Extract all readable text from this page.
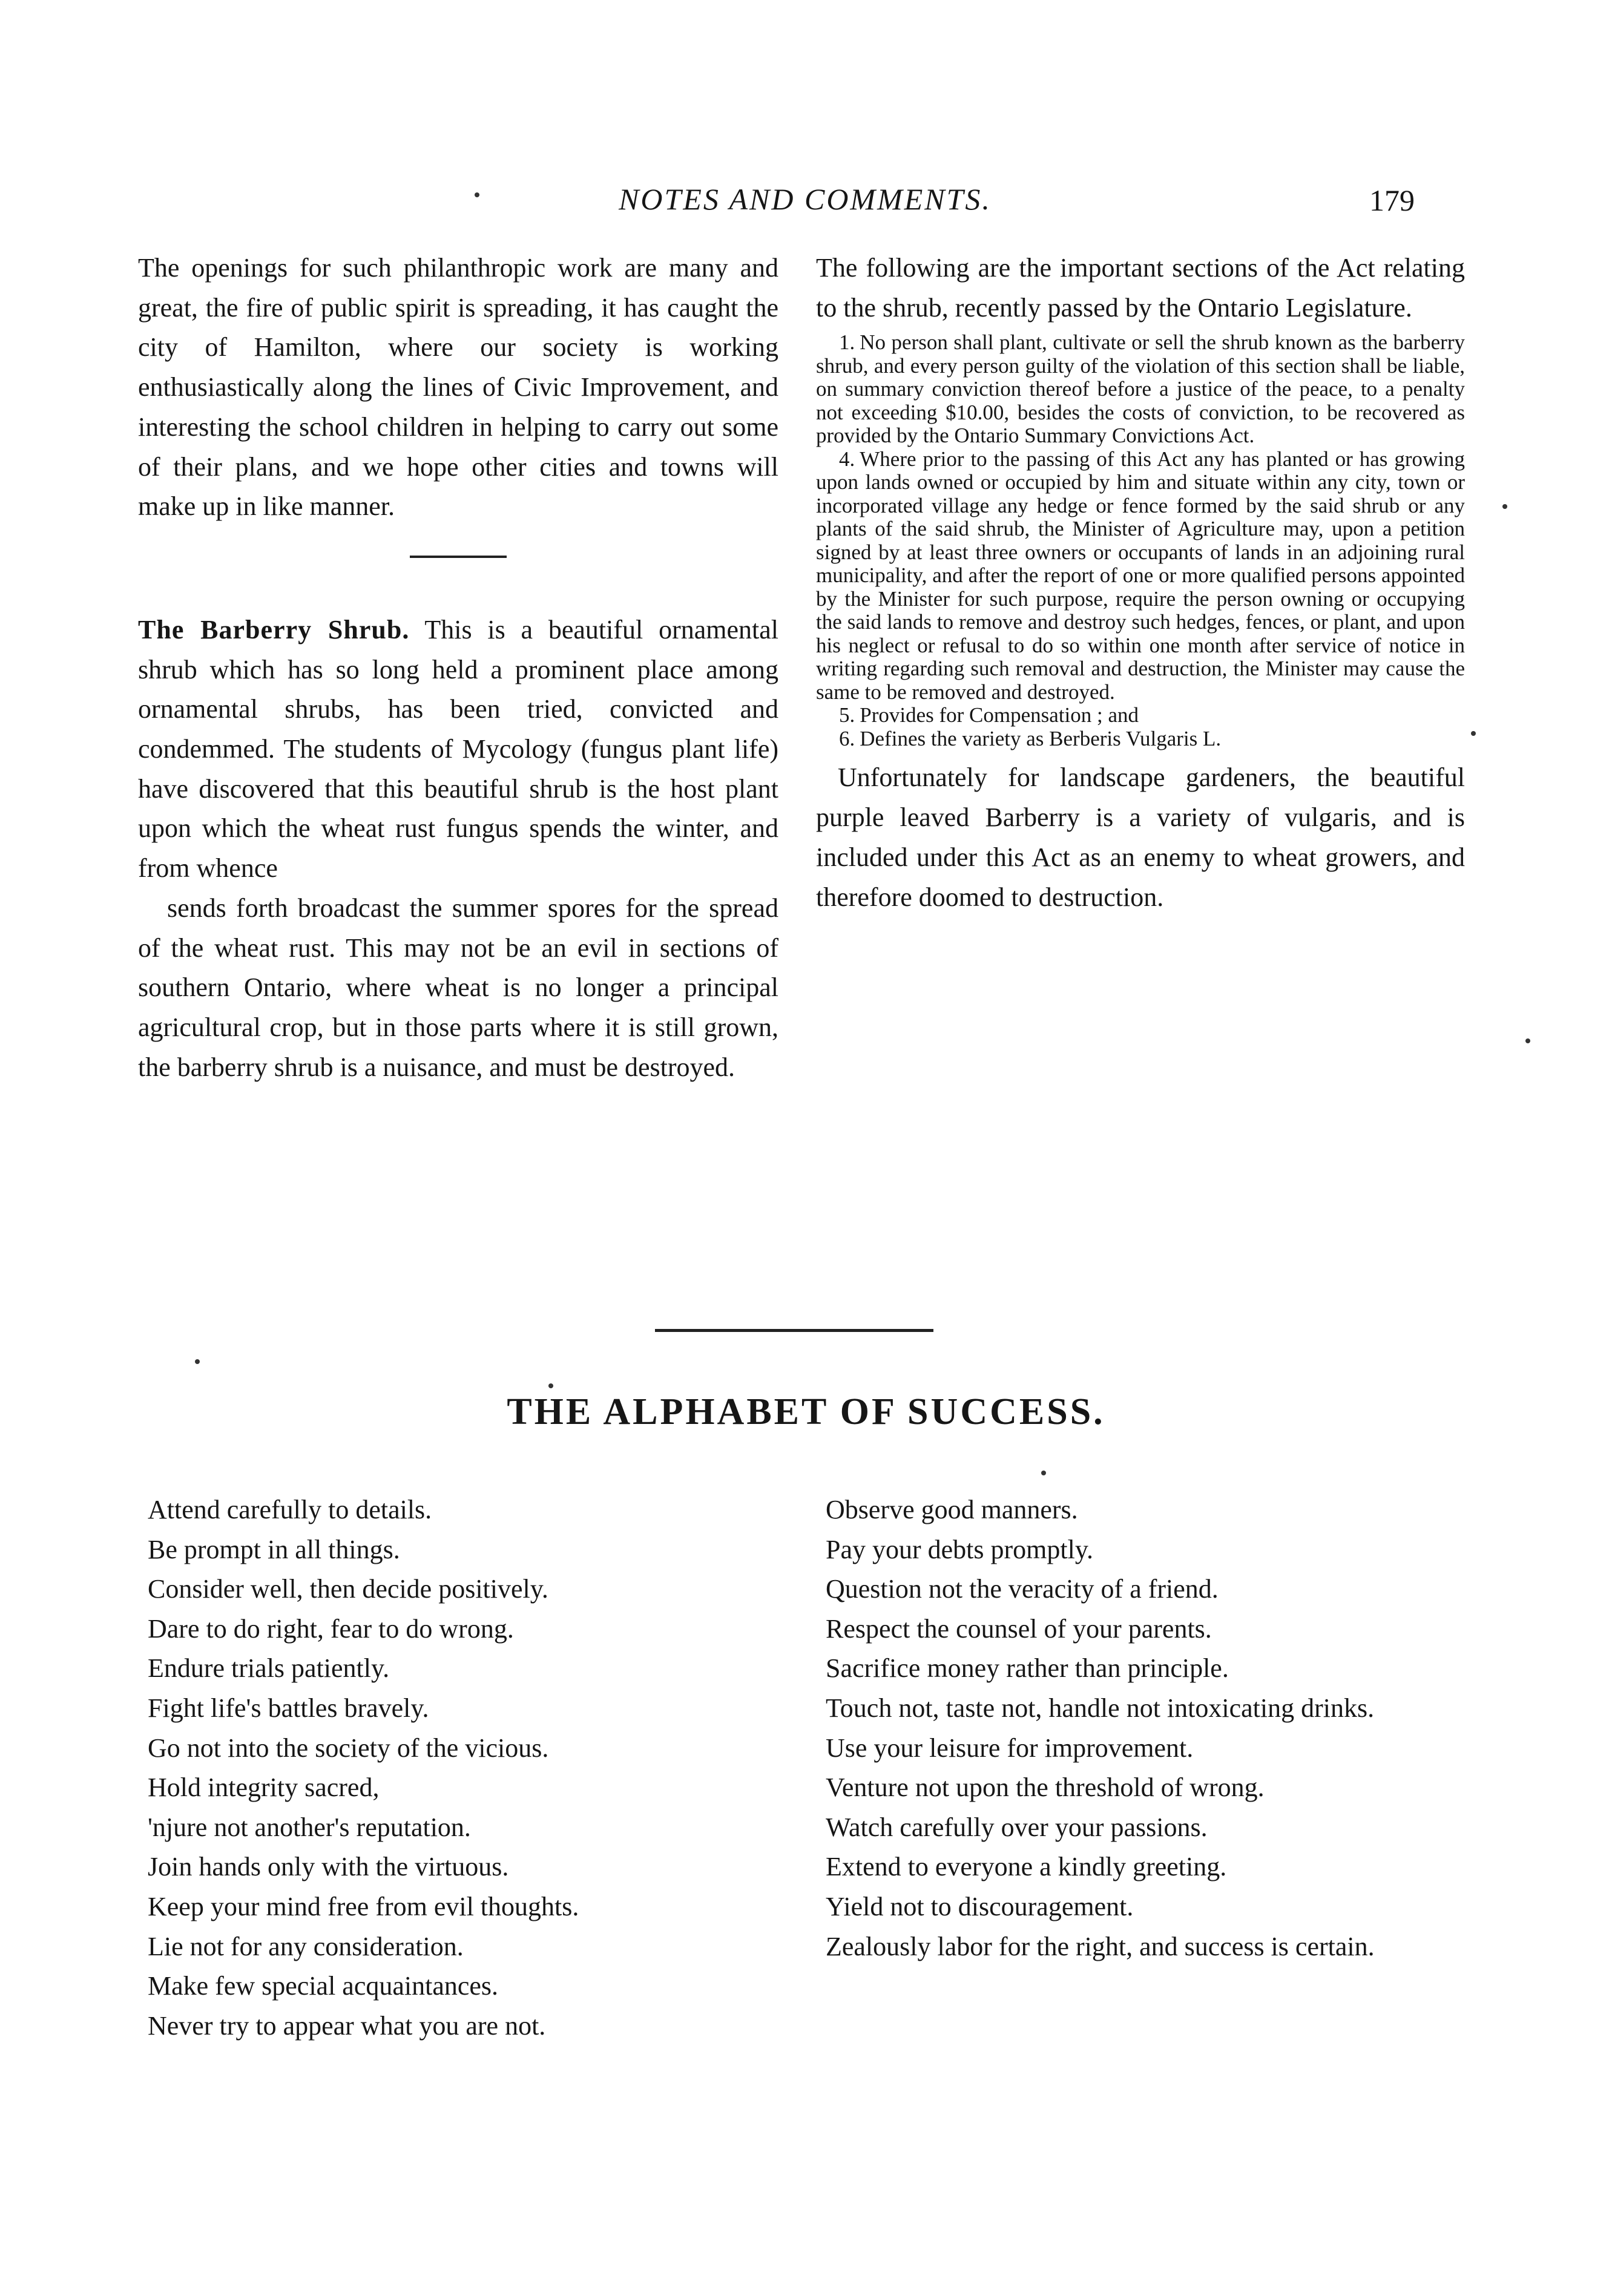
NOTES AND COMMENTS.	179

The openings for such philanthropic work are many and great, the fire of public spirit is spreading, it has caught the city of Hamilton, where our society is working enthusiastically along the lines of Civic Improvement, and interesting the school children in helping to carry out some of their plans, and we hope other cities and towns will make up in like manner.

The Barberry Shrub. This is a beautiful ornamental shrub which has so long held a prominent place among ornamental shrubs, has been tried, convicted and condemmed. The students of Mycology (fungus plant life) have discovered that this beautiful shrub is the host plant upon which the wheat rust fungus spends the winter, and from whence
sends forth broadcast the summer spores for the spread of the wheat rust. This may not be an evil in sections of southern Ontario, where wheat is no longer a principal agricultural crop, but in those parts where it is still grown, the barberry shrub is a nuisance, and must be destroyed.

The following are the important sections of the Act relating to the shrub, recently passed by the Ontario Legislature.

1. No person shall plant, cultivate or sell the shrub known as the barberry shrub, and every person guilty of the violation of this section shall be liable, on summary conviction thereof before a justice of the peace, to a penalty not exceeding $10.00, besides the costs of conviction, to be recovered as provided by the Ontario Summary Convictions Act.

4. Where prior to the passing of this Act any has planted or has growing upon lands owned or occupied by him and situate within any city, town or incorporated village any hedge or fence formed by the said shrub or any plants of the said shrub, the Minister of Agriculture may, upon a petition signed by at least three owners or occupants of lands in an adjoining rural municipality, and after the report of one or more qualified persons appointed by the Minister for such purpose, require the person owning or occupying the said lands to remove and destroy such hedges, fences, or plant, and upon his neglect or refusal to do so within one month after service of notice in writing regarding such removal and destruction, the Minister may cause the same to be removed and destroyed.

5. Provides for Compensation ; and

6. Defines the variety as Berberis Vulgaris L.

Unfortunately for landscape gardeners, the beautiful purple leaved Barberry is a variety of vulgaris, and is included under this Act as an enemy to wheat growers, and therefore doomed to destruction.

THE ALPHABET OF SUCCESS.
Attend carefully to details.
Be prompt in all things.
Consider well, then decide positively.
Dare to do right, fear to do wrong.
Endure trials patiently.
Fight life's battles bravely.
Go not into the society of the vicious.
Hold integrity sacred,
'njure not another's reputation.
Join hands only with the virtuous.
Keep your mind free from evil thoughts.
Lie not for any consideration.
Make few special acquaintances.
Never try to appear what you are not.
Observe good manners.
Pay your debts promptly.
Question not the veracity of a friend.
Respect the counsel of your parents.
Sacrifice money rather than principle.
Touch not, taste not, handle not intoxicating drinks.
Use your leisure for improvement.
Venture not upon the threshold of wrong.
Watch carefully over your passions.
Extend to everyone a kindly greeting.
Yield not to discouragement.
Zealously labor for the right, and success is certain.
